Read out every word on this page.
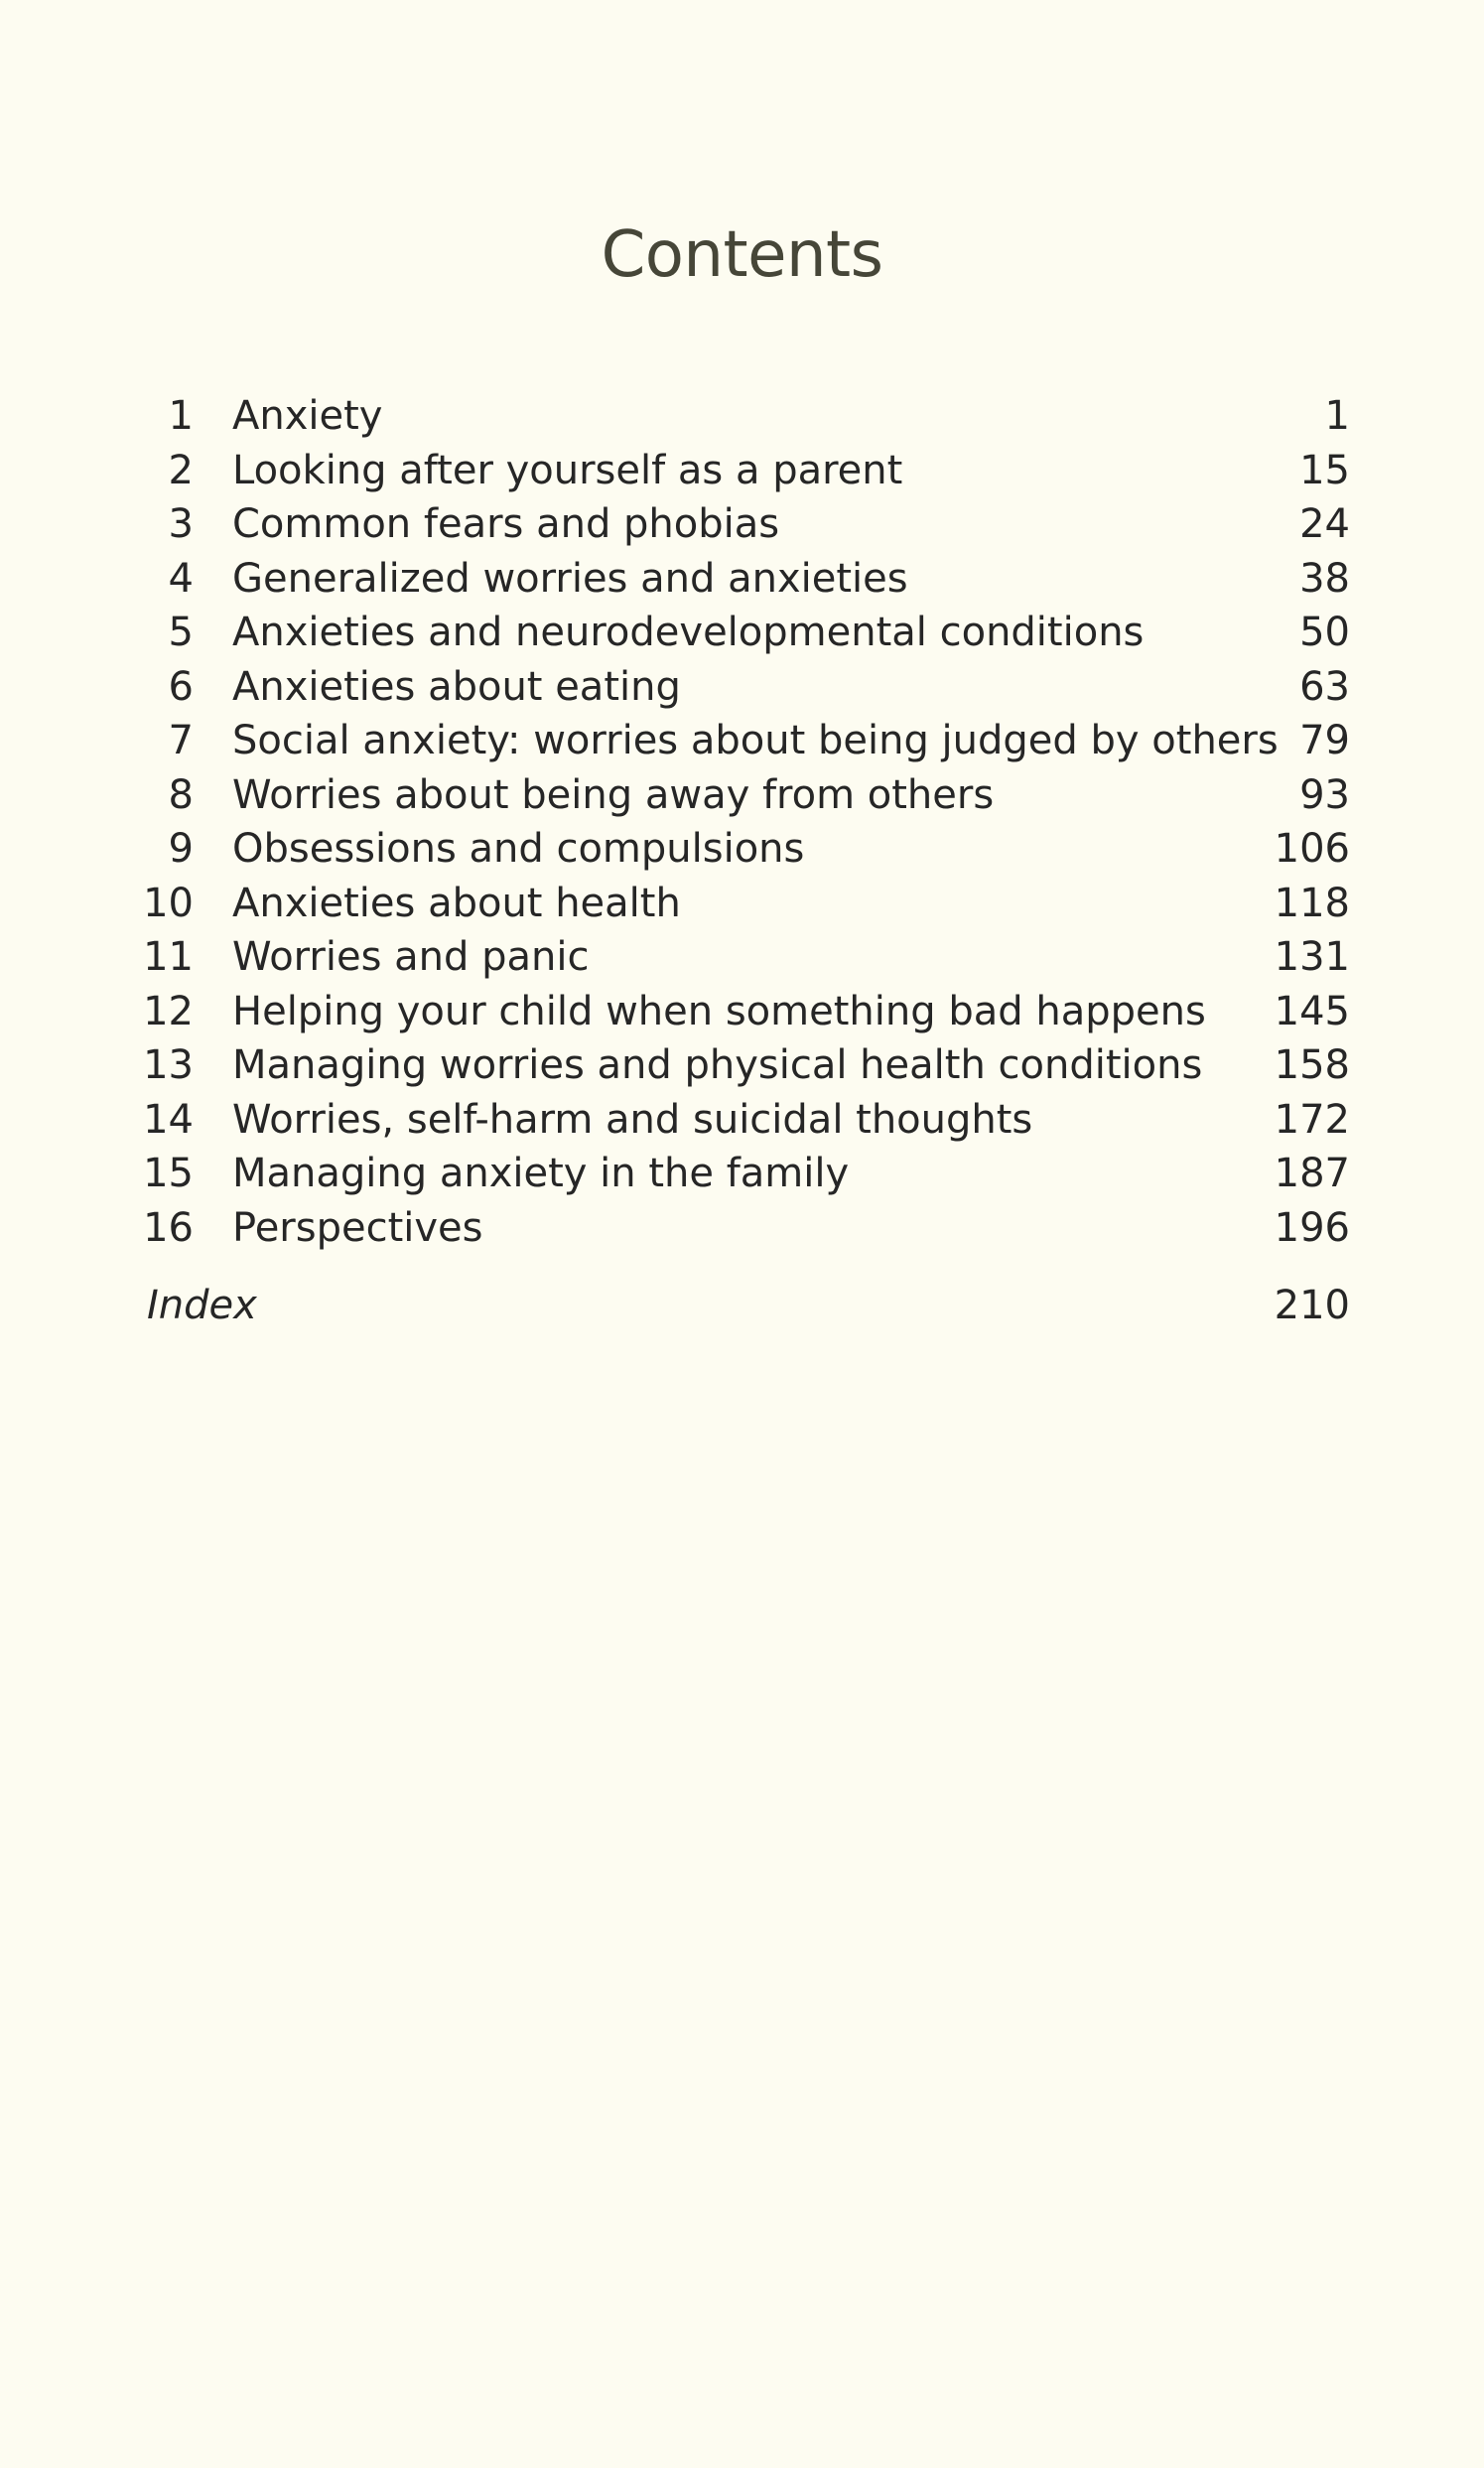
Contents
1 Anxiety	1
2 Looking after yourself as a parent	15
3 Common fears and phobias	24
4 Generalized worries and anxieties	38
5 Anxieties and neurodevelopmental conditions	50
6 Anxieties about eating	63
7 Social anxiety: worries about being judged by others 79
8 Worries about being away from others	93
9 Obsessions and compulsions	106
10 Anxieties about health	118
11 Worries and panic	131
12 Helping your child when something bad happens 145
13 Managing worries and physical health conditions 158
14 Worries, self-harm and suicidal thoughts	172
15 Managing anxiety in the family	187
16 Perspectives	196
Index	210
